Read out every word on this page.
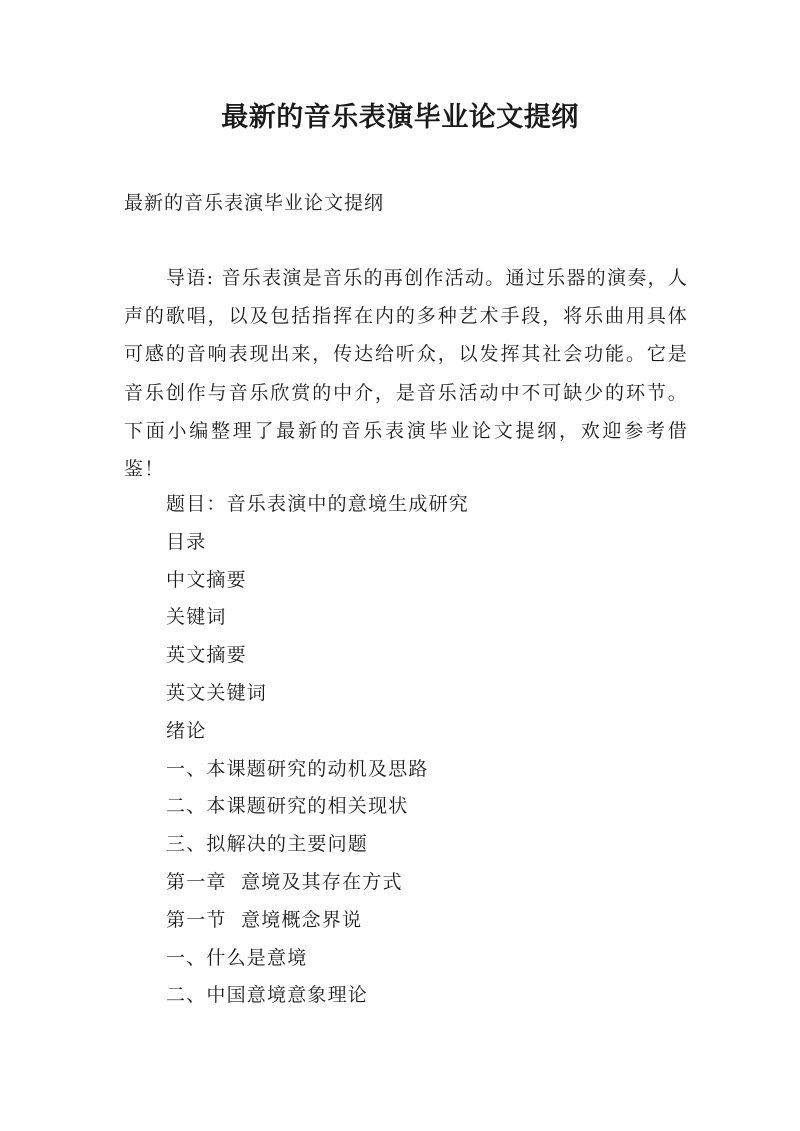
最新的音乐表演毕业论文提纲

最新的音乐表演毕业论文提纲

导语: 音乐表演是音乐的再创作活动。通过乐器的演奏，人声的歌唱，以及包括指挥在内的多种艺术手段，将乐曲用具体可感的音响表现出来，传达给听众，以发挥其社会功能。它是音乐创作与音乐欣赏的中介，是音乐活动中不可缺少的环节。下面小编整理了最新的音乐表演毕业论文提纲，欢迎参考借鉴！

题目：音乐表演中的意境生成研究
目录
中文摘要
关键词
英文摘要
英文关键词
绪论
一、本课题研究的动机及思路
二、本课题研究的相关现状
三、拟解决的主要问题
第一章  意境及其存在方式
第一节  意境概念界说
一、什么是意境
二、中国意境意象理论
